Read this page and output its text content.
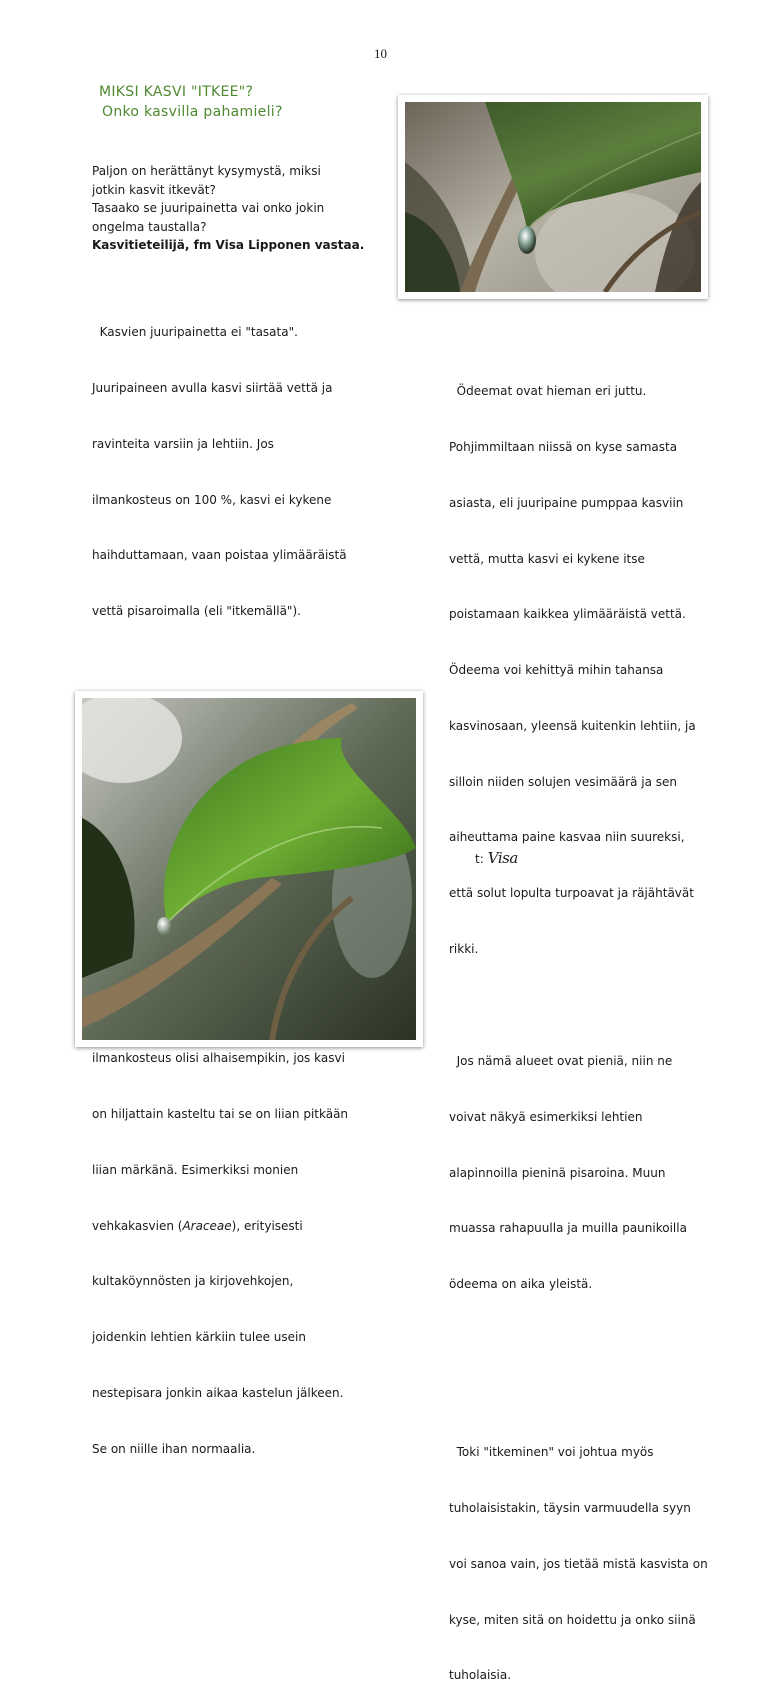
10
MIKSI KASVI "ITKEE"?
Onko kasvilla pahamieli?

Paljon on herättänyt kysymystä, miksi

jotkin kasvit itkevät?

Tasaako se juuripainetta vai onko jokin

ongelma taustalla?

Kasvitieteilijä, fm Visa Lipponen vastaa.

Kasvien juuripainetta ei "tasata".

Juuripaineen avulla kasvi siirtää vettä ja

ravinteita varsiin ja lehtiin. Jos

ilmankosteus on 100 %, kasvi ei kykene

haihduttamaan, vaan poistaa ylimääräistä

vettä pisaroimalla (eli "itkemällä").

ilmankosteus olisi alhaisempikin, jos kasvi

on hiljattain kasteltu tai se on liian pitkään

liian märkänä. Esimerkiksi monien

vehkakasvien (Araceae), erityisesti

kultaköynnösten ja kirjovehkojen,

joidenkin lehtien kärkiin tulee usein

nestepisara jonkin aikaa kastelun jälkeen.

Se on niille ihan normaalia.

Ödeemat ovat hieman eri juttu.

Pohjimmiltaan niissä on kyse samasta

asiasta, eli juuripaine pumppaa kasviin

vettä, mutta kasvi ei kykene itse

poistamaan kaikkea ylimääräistä vettä.

Ödeema voi kehittyä mihin tahansa

kasvinosaan, yleensä kuitenkin lehtiin, ja

silloin niiden solujen vesimäärä ja sen

aiheuttama paine kasvaa niin suureksi,

että solut lopulta turpoavat ja räjähtävät

rikki.

Jos nämä alueet ovat pieniä, niin ne

voivat näkyä esimerkiksi lehtien

alapinnoilla pieninä pisaroina. Muun

muassa rahapuulla ja muilla paunikoilla

ödeema on aika yleistä.

Toki "itkeminen" voi johtua myös

tuholaisistakin, täysin varmuudella syyn

voi sanoa vain, jos tietää mistä kasvista on

kyse, miten sitä on hoidettu ja onko siinä

tuholaisia.

t: Visa
